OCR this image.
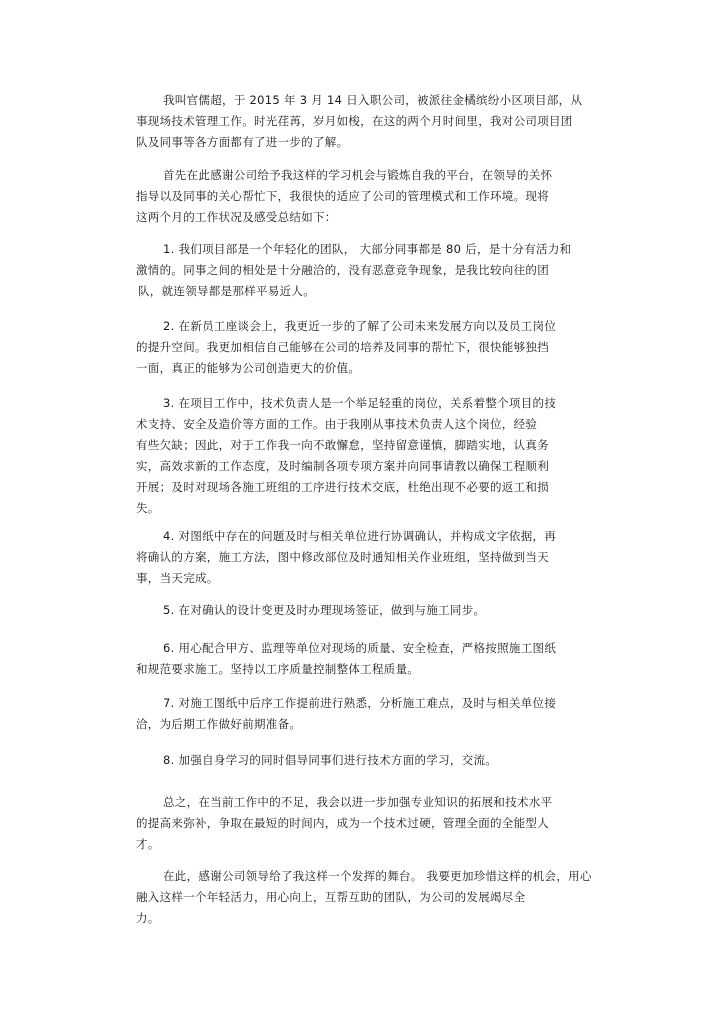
我叫官儒超，于 2015 年 3 月 14 日入职公司，被派往金橘缤纷小区项目部，从
事现场技术管理工作。时光荏苒，岁月如梭，在这的两个月时间里，我对公司项目团
队及同事等各方面都有了进一步的了解。
首先在此感谢公司给予我这样的学习机会与锻炼自我的平台，在领导的关怀
指导以及同事的关心帮忙下，我很快的适应了公司的管理模式和工作环境。现将
这两个月的工作状况及感受总结如下：
1. 我们项目部是一个年轻化的团队， 大部分同事都是 80 后，是十分有活力和
激情的。同事之间的相处是十分融洽的，没有恶意竞争现象，是我比较向往的团
队，就连领导都是那样平易近人。
2. 在新员工座谈会上，我更近一步的了解了公司未来发展方向以及员工岗位
的提升空间。我更加相信自己能够在公司的培养及同事的帮忙下，很快能够独挡
一面，真正的能够为公司创造更大的价值。
3. 在项目工作中，技术负责人是一个举足轻重的岗位，关系着整个项目的技
术支持、安全及造价等方面的工作。由于我刚从事技术负责人这个岗位，经验
有些欠缺；因此，对于工作我一向不敢懈怠，坚持留意谨慎，脚踏实地，认真务
实，高效求新的工作态度，及时编制各项专项方案并向同事请教以确保工程顺利
开展；及时对现场各施工班组的工序进行技术交底，杜绝出现不必要的返工和损
失。
4. 对图纸中存在的问题及时与相关单位进行协调确认，并构成文字依据，再
将确认的方案，施工方法，图中修改部位及时通知相关作业班组，坚持做到当天
事，当天完成。
5. 在对确认的设计变更及时办理现场签证，做到与施工同步。
6. 用心配合甲方、监理等单位对现场的质量、安全检查，严格按照施工图纸
和规范要求施工。坚持以工序质量控制整体工程质量。
7. 对施工图纸中后序工作提前进行熟悉，分析施工难点，及时与相关单位接
洽，为后期工作做好前期准备。
8. 加强自身学习的同时倡导同事们进行技术方面的学习，交流。
总之，在当前工作中的不足，我会以进一步加强专业知识的拓展和技术水平
的提高来弥补，争取在最短的时间内，成为一个技术过硬，管理全面的全能型人
才。
在此，感谢公司领导给了我这样一个发挥的舞台。 我要更加珍惜这样的机会，用心
融入这样一个年轻活力，用心向上，互帮互助的团队，为公司的发展竭尽全
力。
